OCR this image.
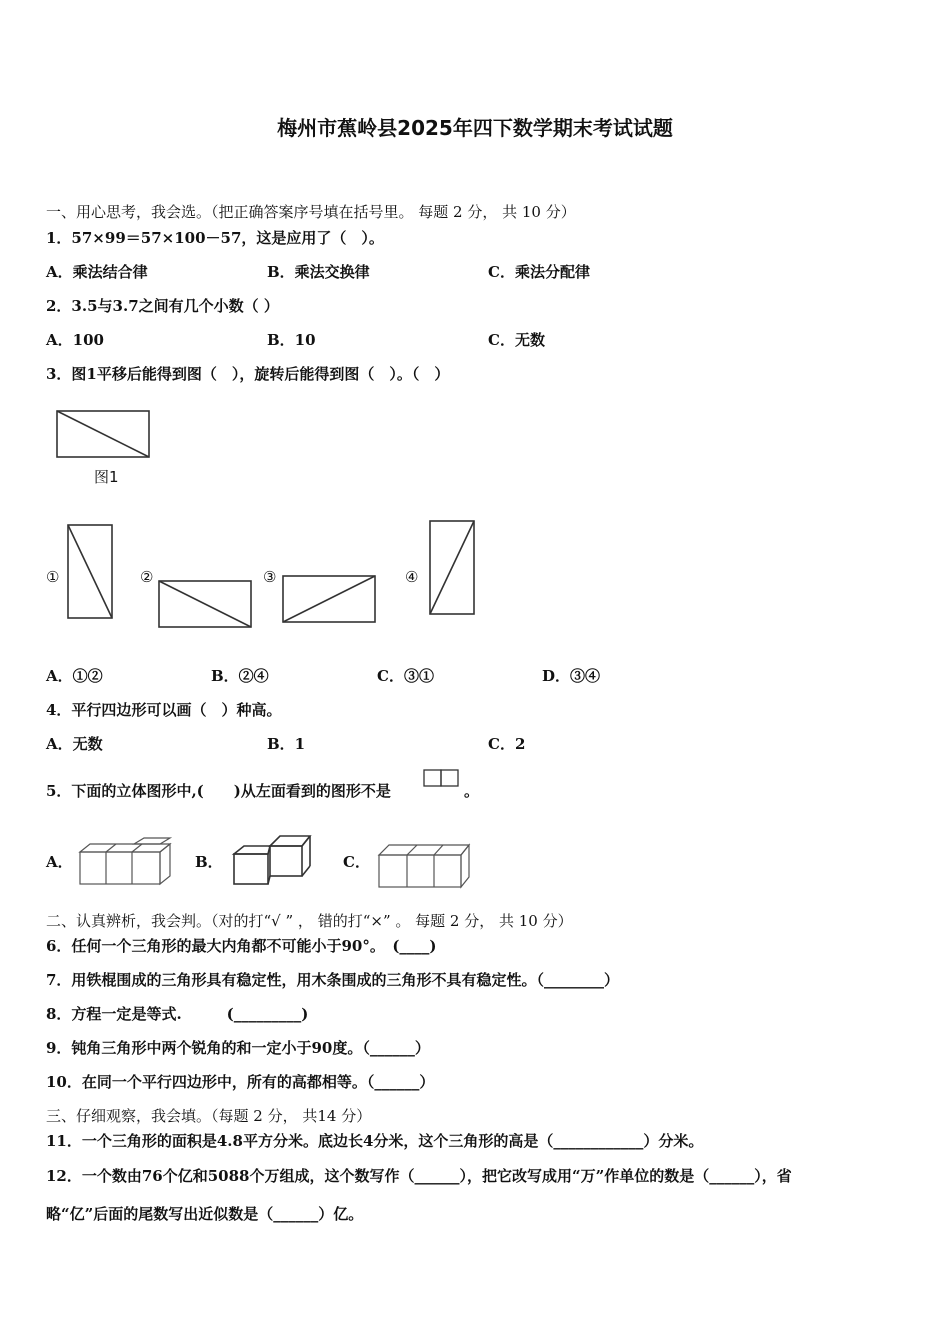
梅州市蕉岭县2025年四下数学期末考试试题
一、用心思考，我会选。（把正确答案序号填在括号里。 每题 2 分， 共 10 分）
1．57×99＝57×100－57，这是应用了（　）。
A．乘法结合律	B．乘法交换律	C．乘法分配律
2．3.5与3.7之间有几个小数（ ）
A．100	B．10	C．无数
3．图1平移后能得到图（　），旋转后能得到图（　）。（　）
图1
①	②	③	④
A．①②	B．②④	C．③①	D．③④
4．平行四边形可以画（　）种高。
A．无数	B．1	C．2
5．下面的立体图形中,(　　)从左面看到的图形不是	。
A．	B．	C．
二、认真辨析，我会判。（对的打“√ ” ， 错的打“×” 。 每题 2 分， 共 10 分）
6．任何一个三角形的最大内角都不可能小于90°。　(____)
7．用铁棍围成的三角形具有稳定性，用木条围成的三角形不具有稳定性。（________）
8．方程一定是等式.　　　(_________)
9．钝角三角形中两个锐角的和一定小于90度。（______）
10．在同一个平行四边形中，所有的高都相等。（______）
三、仔细观察，我会填。（每题 2 分， 共14 分）
11．一个三角形的面积是4.8平方分米。底边长4分米，这个三角形的高是（____________）分米。
12．一个数由76个亿和5088个万组成，这个数写作（______），把它改写成用“万”作单位的数是（______），省
略“亿”后面的尾数写出近似数是（______）亿。
